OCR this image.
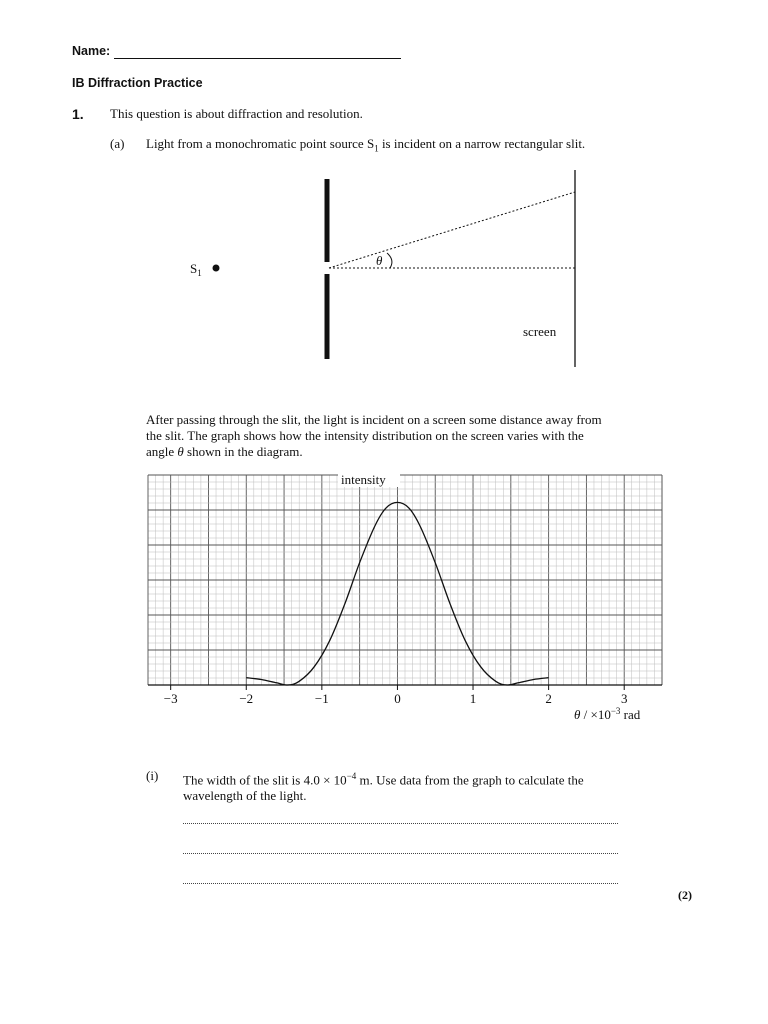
Name:
IB Diffraction Practice
1. This question is about diffraction and resolution.
(a) Light from a monochromatic point source $S_1$ is incident on a narrow rectangular slit.
θ
$S_1$
screen
After passing through the slit, the light is incident on a screen some distance away from
the slit. The graph shows how the intensity distribution on the screen varies with the
angle θ shown in the diagram.
−3	−2	−1	0	1	2	3
intensity
$\theta / \times 10^{-3}$ rad
(i) The width of the slit is $4.0 \times 10^{-4}$ m. Use data from the graph to calculate the
wavelength of the light.
(2)
